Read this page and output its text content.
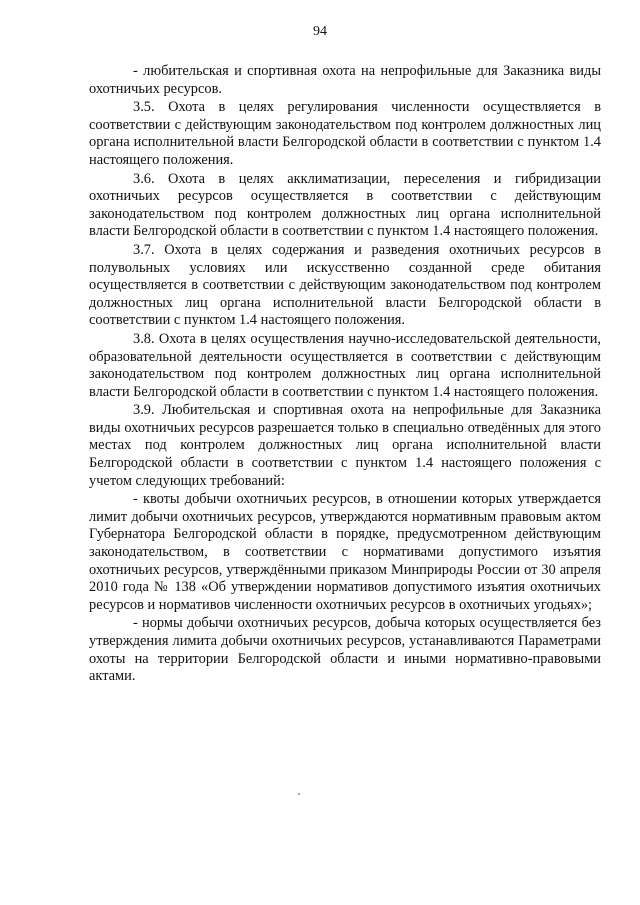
94

- любительская и спортивная охота на непрофильные для Заказника виды охотничьих ресурсов.

3.5. Охота в целях регулирования численности осуществляется в соответствии с действующим законодательством под контролем должностных лиц органа исполнительной власти Белгородской области в соответствии с пунктом 1.4 настоящего положения.

3.6. Охота в целях акклиматизации, переселения и гибридизации охотничьих ресурсов осуществляется в соответствии с действующим законодательством под контролем должностных лиц органа исполнительной власти Белгородской области в соответствии с пунктом 1.4 настоящего положения.

3.7. Охота в целях содержания и разведения охотничьих ресурсов в полувольных условиях или искусственно созданной среде обитания осуществляется в соответствии с действующим законодательством под контролем должностных лиц органа исполнительной власти Белгородской области в соответствии с пунктом 1.4 настоящего положения.

3.8. Охота в целях осуществления научно-исследовательской деятельности, образовательной деятельности осуществляется в соответствии с действующим законодательством под контролем должностных лиц органа исполнительной власти Белгородской области в соответствии с пунктом 1.4 настоящего положения.

3.9. Любительская и спортивная охота на непрофильные для Заказника виды охотничьих ресурсов разрешается только в специально отведённых для этого местах под контролем должностных лиц органа исполнительной власти Белгородской области в соответствии с пунктом 1.4 настоящего положения с учетом следующих требований:

- квоты добычи охотничьих ресурсов, в отношении которых утверждается лимит добычи охотничьих ресурсов, утверждаются нормативным правовым актом Губернатора Белгородской области в порядке, предусмотренном действующим законодательством, в соответствии с нормативами допустимого изъятия охотничьих ресурсов, утверждёнными приказом Минприроды России от 30 апреля 2010 года № 138 «Об утверждении нормативов допустимого изъятия охотничьих ресурсов и нормативов численности охотничьих ресурсов в охотничьих угодьях»;

- нормы добычи охотничьих ресурсов, добыча которых осуществляется без утверждения лимита добычи охотничьих ресурсов, устанавливаются Параметрами охоты на территории Белгородской области и иными нормативно-правовыми актами.
